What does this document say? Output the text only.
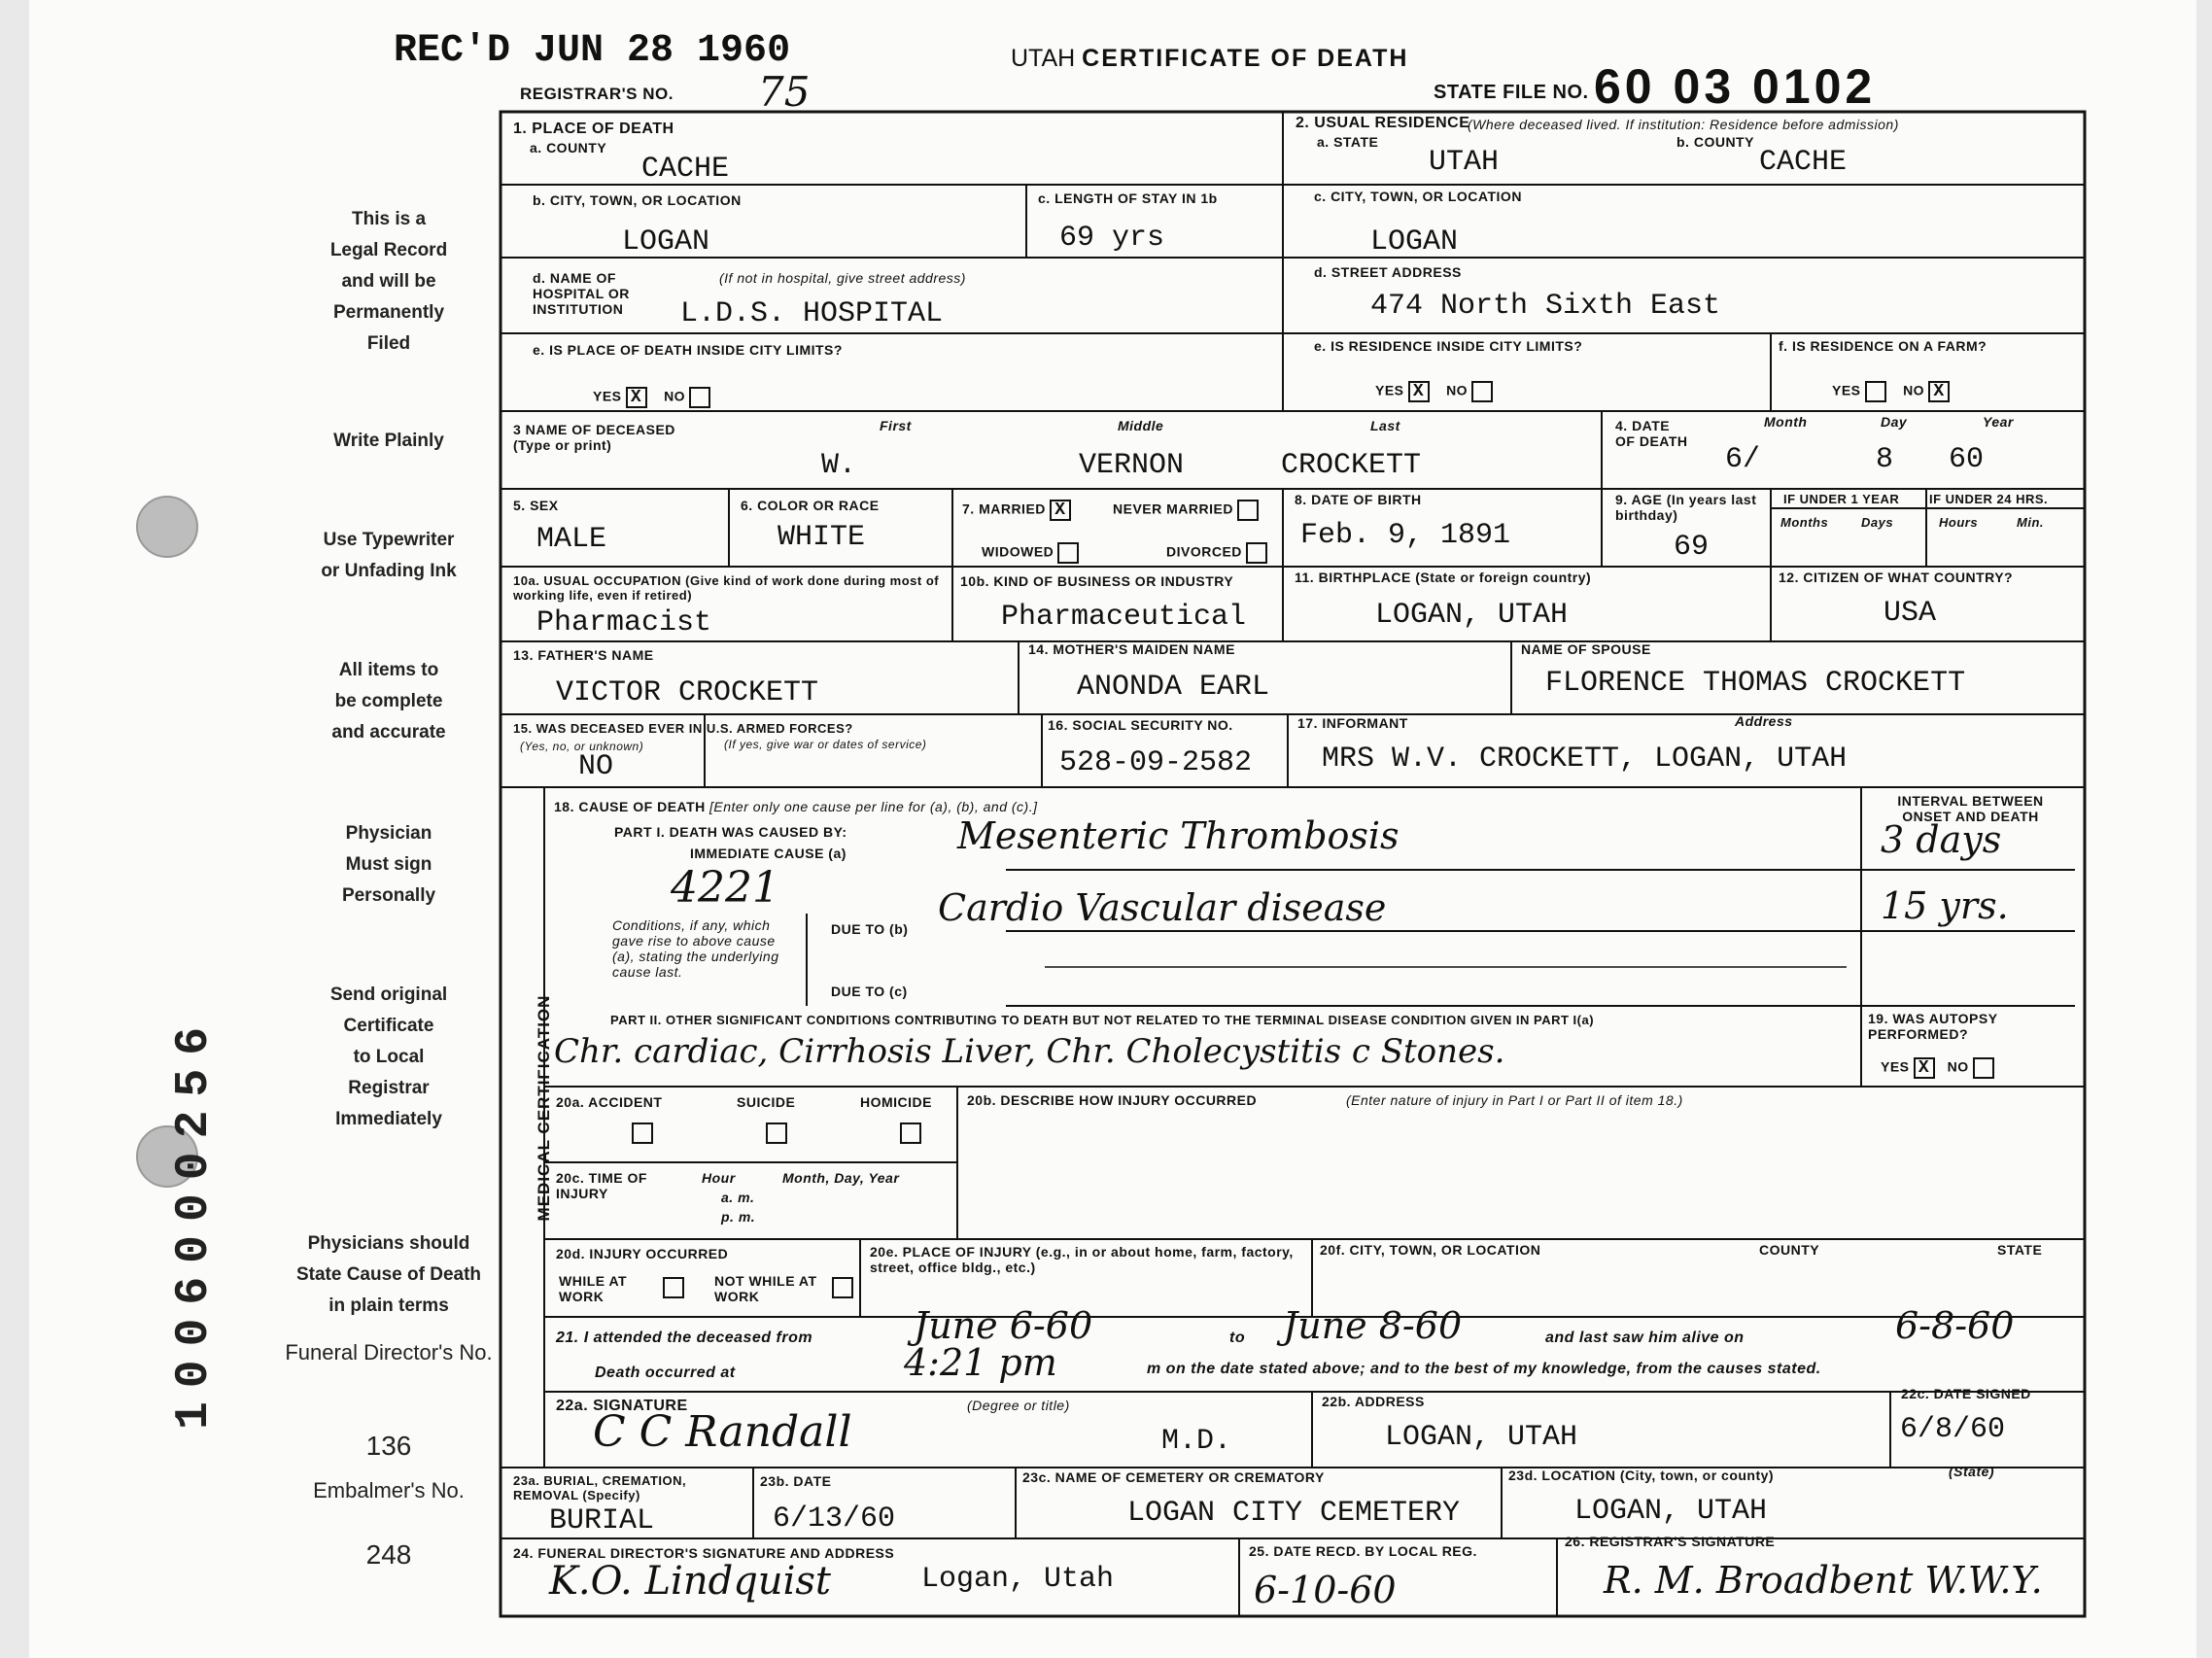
1006000256
REC'D JUN 28 1960
REGISTRAR'S NO. 75
UTAH CERTIFICATE OF DEATH
STATE FILE NO. 60 03 0102
This is a
Legal Record
and will be
Permanently
Filed
Write Plainly
Use Typewriter
or Unfading Ink
All items to
be complete
and accurate
Physician
Must sign
Personally
Send original
Certificate
to Local
Registrar
Immediately
Physicians should
State Cause of Death
in plain terms
Funeral Director's No.
136
Embalmer's No.
248
1. PLACE OF DEATH
a. COUNTY
CACHE
2. USUAL RESIDENCE
(Where deceased lived. If institution: Residence before admission)
a. STATE
UTAH
b. COUNTY
CACHE
b. CITY, TOWN, OR LOCATION
LOGAN
c. LENGTH OF STAY IN 1b
69 yrs
c. CITY, TOWN, OR LOCATION
LOGAN
d. NAME OF HOSPITAL OR INSTITUTION
(If not in hospital, give street address)
L.D.S. HOSPITAL
d. STREET ADDRESS
474 North Sixth East
e. IS PLACE OF DEATH INSIDE CITY LIMITS?
YES X    NO
e. IS RESIDENCE INSIDE CITY LIMITS?
YES X    NO
f. IS RESIDENCE ON A FARM?
YES    NO X
3 NAME OF DECEASED (Type or print)
First	Middle	Last
W.	VERNON	CROCKETT
4. DATE OF DEATH
Month	Day	Year
6/	8 60
5. SEX
MALE
6. COLOR OR RACE
WHITE
7. MARRIED X	NEVER MARRIED
WIDOWED	DIVORCED
8. DATE OF BIRTH
Feb. 9, 1891
9. AGE (In years last birthday)
69
IF UNDER 1 YEAR IF UNDER 24 HRS.
Months	Days	Hours	Min.
10a. USUAL OCCUPATION (Give kind of work done during most of working life, even if retired)
Pharmacist
10b. KIND OF BUSINESS OR INDUSTRY
Pharmaceutical
11. BIRTHPLACE (State or foreign country)
LOGAN, UTAH
12. CITIZEN OF WHAT COUNTRY?
USA
13. FATHER'S NAME
VICTOR CROCKETT
14. MOTHER'S MAIDEN NAME
ANONDA EARL
NAME OF SPOUSE
FLORENCE THOMAS CROCKETT
15. WAS DECEASED EVER IN U.S. ARMED FORCES?
(Yes, no, or unknown)	(If yes, give war or dates of service)
NO
16. SOCIAL SECURITY NO.
528-09-2582
17. INFORMANT	Address
MRS W.V. CROCKETT, LOGAN, UTAH
MEDICAL CERTIFICATION
18. CAUSE OF DEATH [Enter only one cause per line for (a), (b), and (c).]
PART I. DEATH WAS CAUSED BY:
IMMEDIATE CAUSE (a)	Mesenteric Thrombosis
4221
INTERVAL BETWEEN ONSET AND DEATH
3 days
15 yrs.
Conditions, if any, which gave rise to above cause (a), stating the underlying cause last.
DUE TO (b) Cardio Vascular disease
DUE TO (c)
PART II. OTHER SIGNIFICANT CONDITIONS CONTRIBUTING TO DEATH BUT NOT RELATED TO THE TERMINAL DISEASE CONDITION GIVEN IN PART I(a)
Chr. cardiac, Cirrhosis Liver, Chr. Cholecystitis c Stones.
19. WAS AUTOPSY PERFORMED?
YES X   NO
20a. ACCIDENT	SUICIDE	HOMICIDE	20b. DESCRIBE HOW INJURY OCCURRED	(Enter nature of injury in Part I or Part II of item 18.)
20c. TIME OF INJURY
Hour
a. m.
p. m.
Month, Day, Year
20d. INJURY OCCURRED
WHILE AT WORK
NOT WHILE AT WORK
20e. PLACE OF INJURY (e.g., in or about home, farm, factory, street, office bldg., etc.)
20f. CITY, TOWN, OR LOCATION	COUNTY	STATE
21. I attended the deceased from	June 6-60	to June 8-60	and last saw him alive on	6-8-60
Death occurred at	4:21 pm	m on the date stated above; and to the best of my knowledge, from the causes stated.
22a. SIGNATURE	(Degree or title)
C C Randall	M.D.
22b. ADDRESS
LOGAN, UTAH
22c. DATE SIGNED
6/8/60
23a. BURIAL, CREMATION, REMOVAL (Specify)
BURIAL
23b. DATE
6/13/60
23c. NAME OF CEMETERY OR CREMATORY
LOGAN CITY CEMETERY
23d. LOCATION (City, town, or county)	(State)
LOGAN, UTAH
24. FUNERAL DIRECTOR'S SIGNATURE AND ADDRESS
K.O. Lindquist	Logan, Utah
25. DATE RECD. BY LOCAL REG.
6-10-60
26. REGISTRAR'S SIGNATURE
R. M. Broadbent W.W.Y.
